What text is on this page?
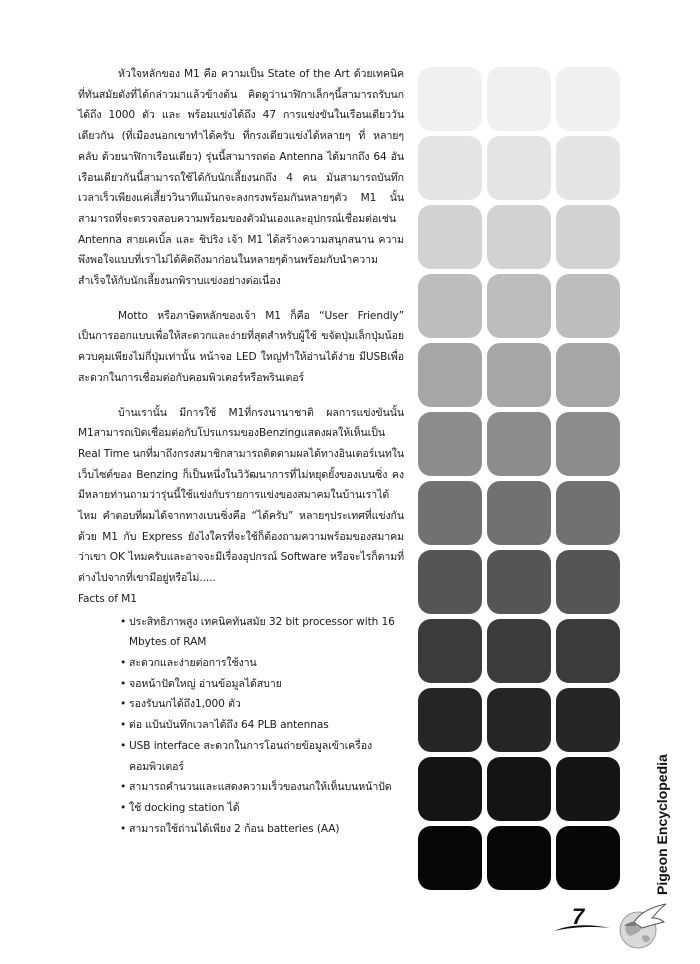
หัวใจหลักของ M1 คือ ความเป็น State of the Art ด้วยเทคนิคที่ทันสมัยดังที่ได้กล่าวมาแล้วข้างต้น คิดดูว่านาฬิกาเล็กๆนี้สามารถรับนกได้ถึง 1000 ตัว และ พร้อมแข่งได้ถึง 47 การแข่งขันในเรือนเดียววันเดียวกัน (ที่เมืองนอกเขาทำได้ครับ ที่กรงเดียวแข่งได้หลายๆ ที่ หลายๆ คลับ ด้วยนาฬิกาเรือนเดียว) รุ่นนี้สามารถต่อ Antenna ได้มากถึง 64 อัน เรือนเดียวกันนี้สามารถใช้ได้กับนักเลี้ยงนกถึง 4 คน มันสามารถบันทึกเวลาเร็วเพียงแค่เสี้ยววินาทีแม้นกจะลงกรงพร้อมกันหลายๆตัว M1 นั้นสามารถที่จะตรวจสอบความพร้อมของตัวมันเองและอุปกรณ์เชื่อมต่อเช่น Antenna สายเคเบิ้ล และ ชิปริง เจ้า M1 ได้สร้างความสนุกสนาน ความพึงพอใจแบบที่เราไม่ได้คิดถึงมาก่อนในหลายๆด้านพร้อมกับนำความสำเร็จให้กับนักเลี้ยงนกพิราบแข่งอย่างต่อเนื่อง

Motto หรือภาษิตหลักของเจ้า M1 ก็คือ “User Friendly” เป็นการออกแบบเพื่อให้สะดวกและง่ายที่สุดสำหรับผู้ใช้ ขจัดปุ่มเล็กปุ่มน้อย ควบคุมเพียงไม่กี่ปุ่มเท่านั้น หน้าจอ LED ใหญ่ทำให้อ่านได้ง่าย มีUSBเพื่อสะดวกในการเชื่อมต่อกับคอมพิวเตอร์หรือพรินเตอร์

บ้านเรานั้น มีการใช้ M1ที่กรงนานาชาติ ผลการแข่งขันนั้น M1สามารถเปิดเชื่อมต่อกับโปรแกรมของBenzingแสดงผลให้เห็นเป็น Real Time นกที่มาถึงกรงสมาชิกสามารถติดตามผลได้ทางอินเตอร์เนทในเว็บไซต์ของ Benzing ก็เป็นหนึ่งในวิวัฒนาการที่ไม่หยุดยั้งของเบนซิ่ง คงมีหลายท่านถามว่ารุ่นนี้ใช้แข่งกับรายการแข่งของสมาคมในบ้านเราได้ไหม คำตอบที่ผมได้จากทางเบนซิ่งคือ “ได้ครับ” หลายๆประเทศที่แข่งกันด้วย M1 กับ Express ยังไงใครที่จะใช้ก็ต้องถามความพร้อมของสมาคมว่าเขา OK ไหมครับและอาจจะมีเรื่องอุปกรณ์ Software หรือจะไรก็ตามที่ต่างไปจากที่เขามีอยู่หรือไม่.....

Facts of M1
• ประสิทธิภาพสูง เทคนิคทันสมัย 32 bit processor with 16 Mbytes of RAM
• สะดวกและง่ายต่อการใช้งาน
• จอหน้าปัดใหญ่ อ่านข้อมูลได้สบาย
• รองรับนกได้ถึง1,000 ตัว
• ต่อ แป้นบันทึกเวลาได้ถึง 64 PLB antennas
• USB interface สะดวกในการโอนถ่ายข้อมูลเข้าเครื่องคอมพิวเตอร์
• สามารถคำนวนและแสดงความเร็วของนกให้เห็นบนหน้าปัด
• ใช้ docking station ได้
• สามารถใช้ถ่านได้เพียง 2 ก้อน batteries (AA)	Pigeon Encyclopedia
7
